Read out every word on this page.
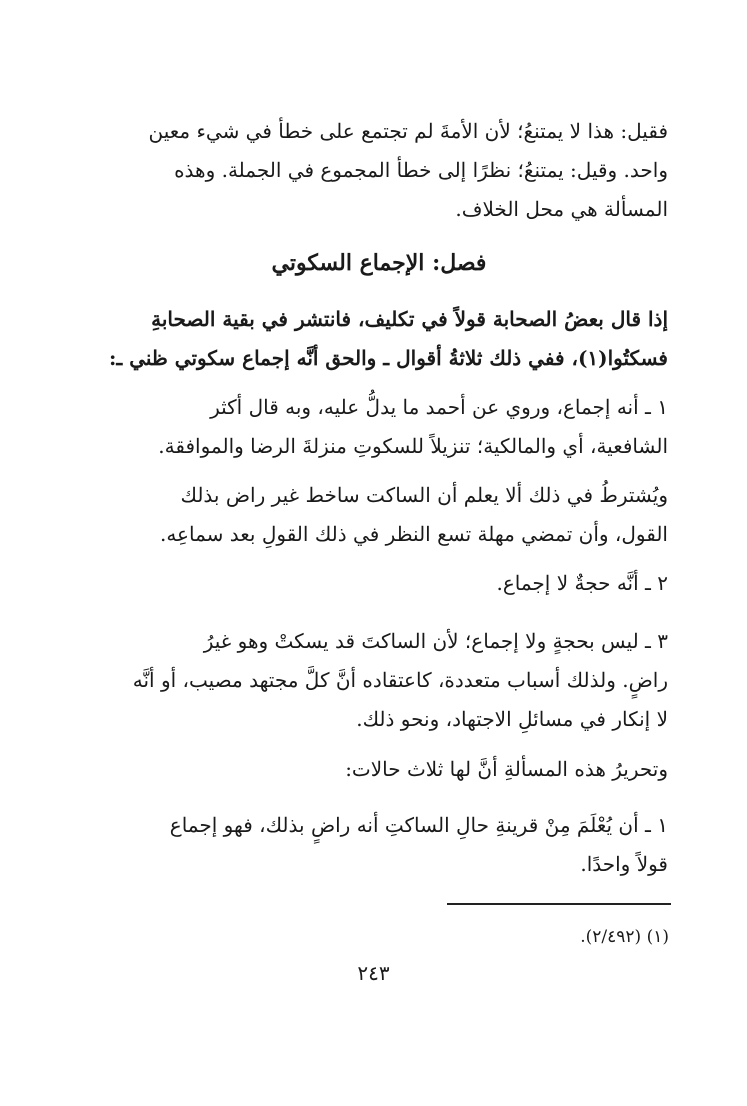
فقيل: هذا لا يمتنعُ؛ لأن الأمةَ لم تجتمع على خطأ في شيء معين
واحد. وقيل: يمتنعُ؛ نظرًا إلى خطأ المجموع في الجملة. وهذه
المسألة هي محل الخلاف.
فصل: الإجماع السكوتي
إذا قال بعضُ الصحابة قولاً في تكليف، فانتشر في بقية الصحابةِ
فسكتُوا(١)، ففي ذلك ثلاثةُ أقوال ـ والحق أنَّه إجماع سكوتي ظني ـ:
١ ـ أنه إجماع، وروي عن أحمد ما يدلُّ عليه، وبه قال أكثر
الشافعية، أي والمالكية؛ تنزيلاً للسكوتِ منزلةَ الرضا والموافقة.
ويُشترطُ في ذلك ألا يعلم أن الساكت ساخط غير راض بذلك
القول، وأن تمضي مهلة تسع النظر في ذلك القولِ بعد سماعِه.
٢ ـ أنَّه حجةٌ لا إجماع.
٣ ـ ليس بحجةٍ ولا إجماع؛ لأن الساكتَ قد يسكتْ وهو غيرُ
راضٍ. ولذلك أسباب متعددة، كاعتقاده أنَّ كلَّ مجتهد مصيب، أو أنَّه
لا إنكار في مسائلِ الاجتهاد، ونحو ذلك.
وتحريرُ هذه المسألةِ أنَّ لها ثلاث حالات:
١ ـ أن يُعْلَمَ مِنْ قرينةِ حالِ الساكتِ أنه راضٍ بذلك، فهو إجماع
قولاً واحدًا.
(١) (٢/٤٩٢).
٢٤٣
